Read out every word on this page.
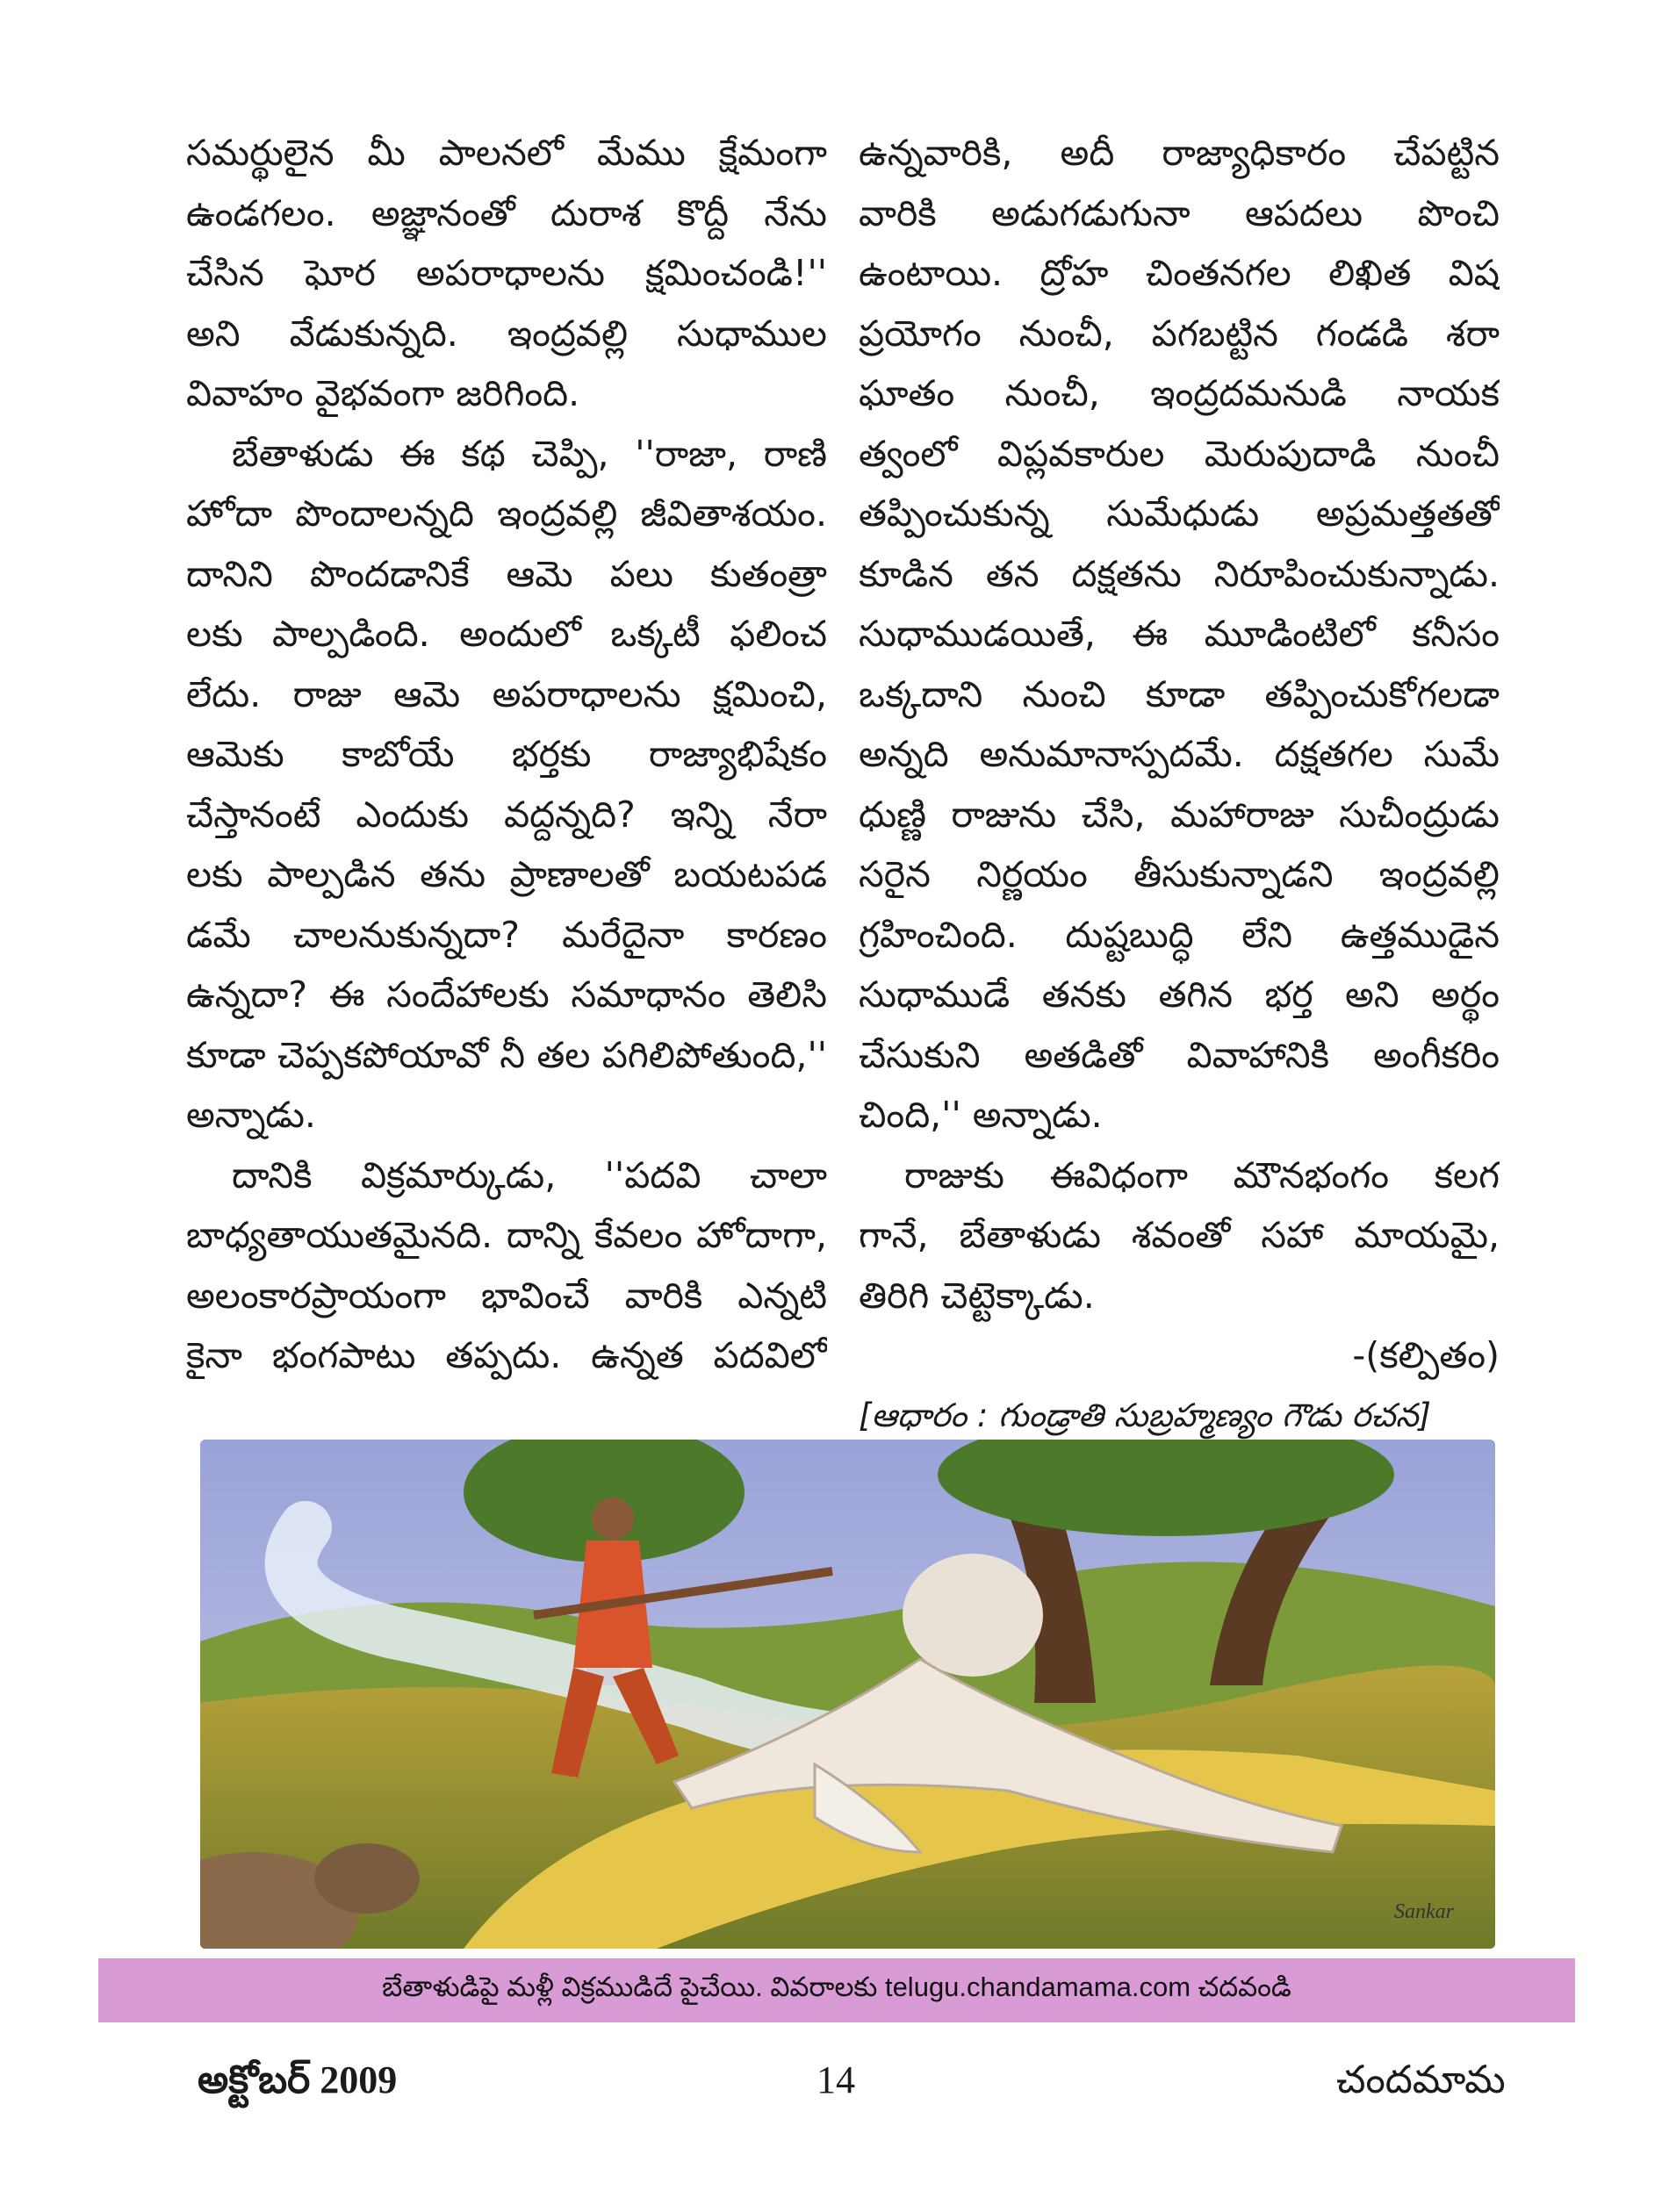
సమర్థులైన మీ పాలనలో మేము క్షేమంగా
ఉండగలం. అజ్ఞానంతో దురాశ కొద్దీ నేను
చేసిన ఘోర అపరాధాలను క్షమించండి!''
అని వేడుకున్నది. ఇంద్రవల్లి సుధాముల
వివాహం వైభవంగా జరిగింది.
బేతాళుడు ఈ కథ చెప్పి, ''రాజా, రాణి
హోదా పొందాలన్నది ఇంద్రవల్లి జీవితాశయం.
దానిని పొందడానికే ఆమె పలు కుతంత్రా
లకు పాల్పడింది. అందులో ఒక్కటీ ఫలించ
లేదు. రాజు ఆమె అపరాధాలను క్షమించి,
ఆమెకు కాబోయే భర్తకు రాజ్యాభిషేకం
చేస్తానంటే ఎందుకు వద్దన్నది? ఇన్ని నేరా
లకు పాల్పడిన తను ప్రాణాలతో బయటపడ
డమే చాలనుకున్నదా? మరేదైనా కారణం
ఉన్నదా? ఈ సందేహాలకు సమాధానం తెలిసి
కూడా చెప్పకపోయావో నీ తల పగిలిపోతుంది,''
అన్నాడు.
దానికి విక్రమార్కుడు, ''పదవి చాలా
బాధ్యతాయుతమైనది. దాన్ని కేవలం హోదాగా,
అలంకారప్రాయంగా భావించే వారికి ఎన్నటి
కైనా భంగపాటు తప్పదు. ఉన్నత పదవిలో
ఉన్నవారికి, అదీ రాజ్యాధికారం చేపట్టిన
వారికి అడుగడుగునా ఆపదలు పొంచి
ఉంటాయి. ద్రోహ చింతనగల లిఖిత విష
ప్రయోగం నుంచీ, పగబట్టిన గండడి శరా
ఘాతం నుంచీ, ఇంద్రదమనుడి నాయక
త్వంలో విప్లవకారుల మెరుపుదాడి నుంచీ
తప్పించుకున్న సుమేధుడు అప్రమత్తతతో
కూడిన తన దక్షతను నిరూపించుకున్నాడు.
సుధాముడయితే, ఈ మూడింటిలో కనీసం
ఒక్కదాని నుంచి కూడా తప్పించుకోగలడా
అన్నది అనుమానాస్పదమే. దక్షతగల సుమే
ధుణ్ణి రాజును చేసి, మహారాజు సుచీంద్రుడు
సరైన నిర్ణయం తీసుకున్నాడని ఇంద్రవల్లి
గ్రహించింది. దుష్టబుద్ధి లేని ఉత్తముడైన
సుధాముడే తనకు తగిన భర్త అని అర్థం
చేసుకుని అతడితో వివాహానికి అంగీకరిం
చింది,'' అన్నాడు.
రాజుకు ఈవిధంగా మౌనభంగం కలగ
గానే, బేతాళుడు శవంతో సహా మాయమై,
తిరిగి చెట్టెక్కాడు.
-(కల్పితం)
[ఆధారం : గుండ్రాతి సుబ్రహ్మణ్యం గౌడు రచన]
Sankar
బేతాళుడిపై మళ్లీ విక్రముడిదే పైచేయి. వివరాలకు telugu.chandamama.com చదవండి
అక్టోబర్ 2009	14	చందమామ
